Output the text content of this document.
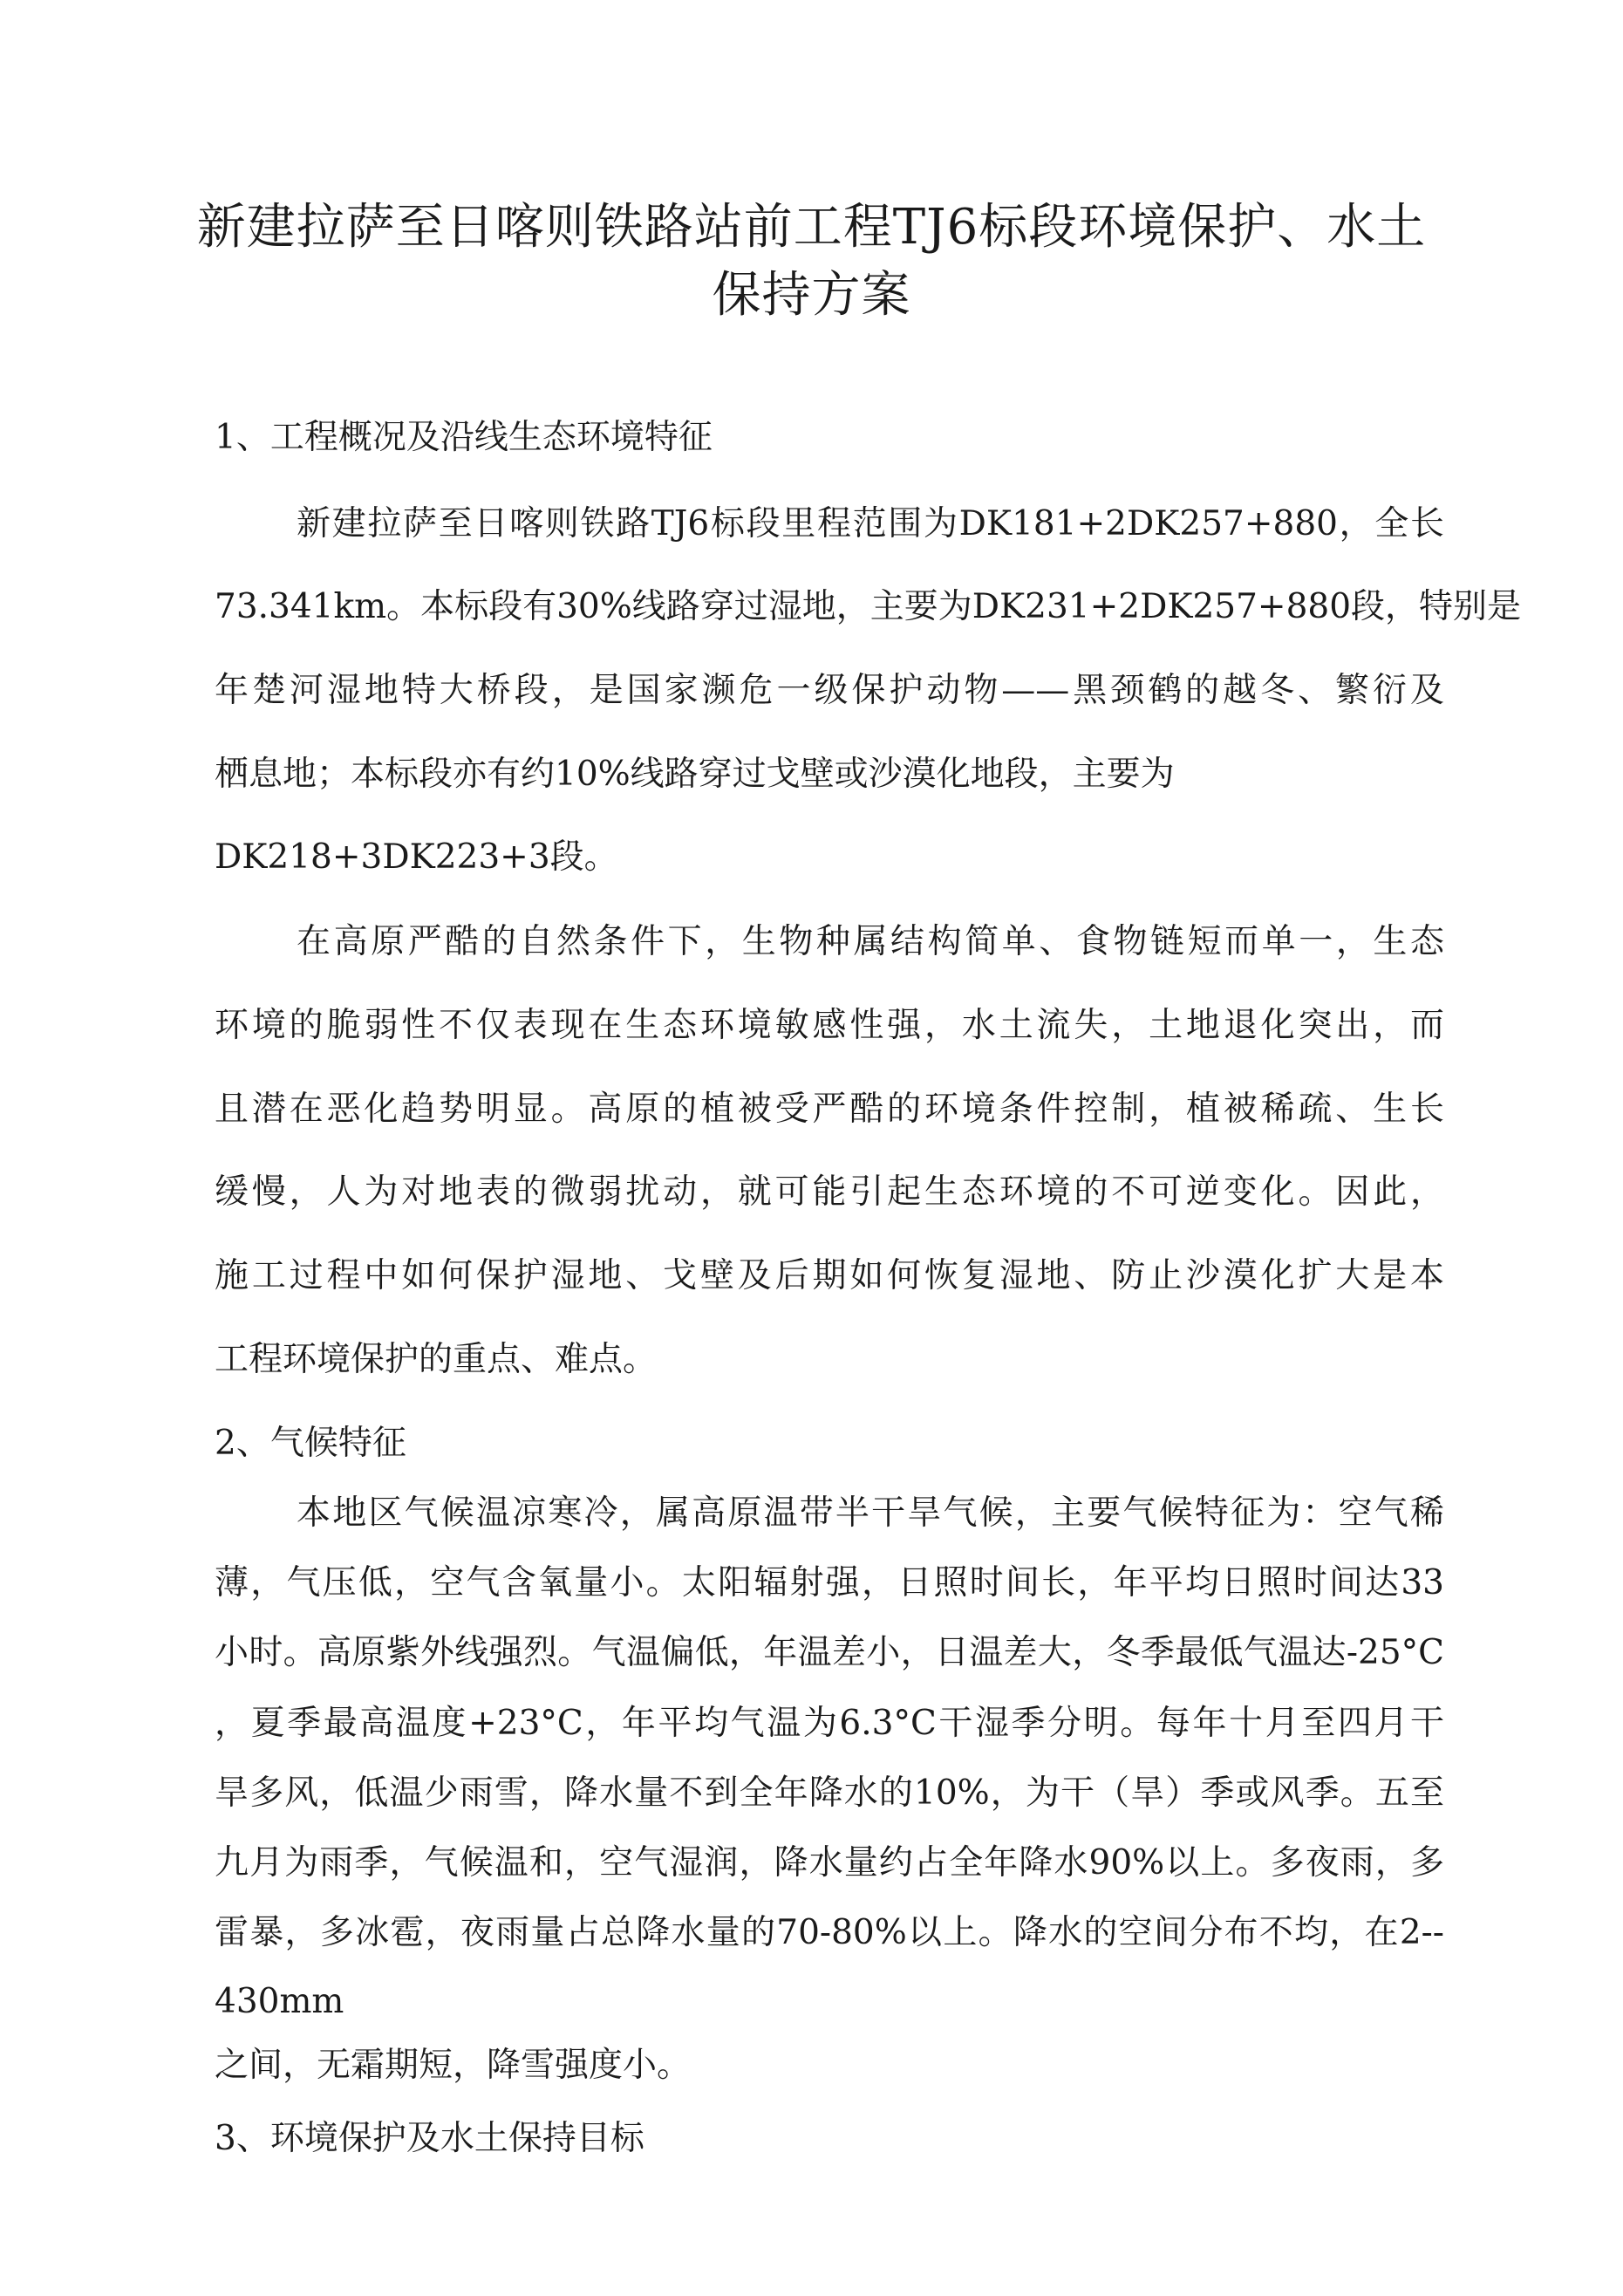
新建拉萨至日喀则铁路站前工程TJ6标段环境保护、水土
保持方案
1、工程概况及沿线生态环境特征
新建拉萨至日喀则铁路TJ6标段里程范围为DK181+2DK257+880，全长
73.341km。本标段有30%线路穿过湿地，主要为DK231+2DK257+880段，特别是
年楚河湿地特大桥段，是国家濒危一级保护动物——黑颈鹤的越冬、繁衍及
栖息地；本标段亦有约10%线路穿过戈壁或沙漠化地段，主要为
DK218+3DK223+3段。
在高原严酷的自然条件下，生物种属结构简单、食物链短而单一，生态
环境的脆弱性不仅表现在生态环境敏感性强，水土流失，土地退化突出，而
且潜在恶化趋势明显。高原的植被受严酷的环境条件控制，植被稀疏、生长
缓慢，人为对地表的微弱扰动，就可能引起生态环境的不可逆变化。因此，
施工过程中如何保护湿地、戈壁及后期如何恢复湿地、防止沙漠化扩大是本
工程环境保护的重点、难点。
2、气候特征
本地区气候温凉寒冷，属高原温带半干旱气候，主要气候特征为：空气稀
薄，气压低，空气含氧量小。太阳辐射强，日照时间长，年平均日照时间达33
小时。高原紫外线强烈。气温偏低，年温差小，日温差大，冬季最低气温达-25°C
，夏季最高温度+23°C，年平均气温为6.3°C干湿季分明。每年十月至四月干
旱多风，低温少雨雪，降水量不到全年降水的10%，为干（旱）季或风季。五至
九月为雨季，气候温和，空气湿润，降水量约占全年降水90%以上。多夜雨，多
雷暴，多冰雹，夜雨量占总降水量的70-80%以上。降水的空间分布不均，在2--
430mm
之间，无霜期短，降雪强度小。
3、环境保护及水土保持目标
